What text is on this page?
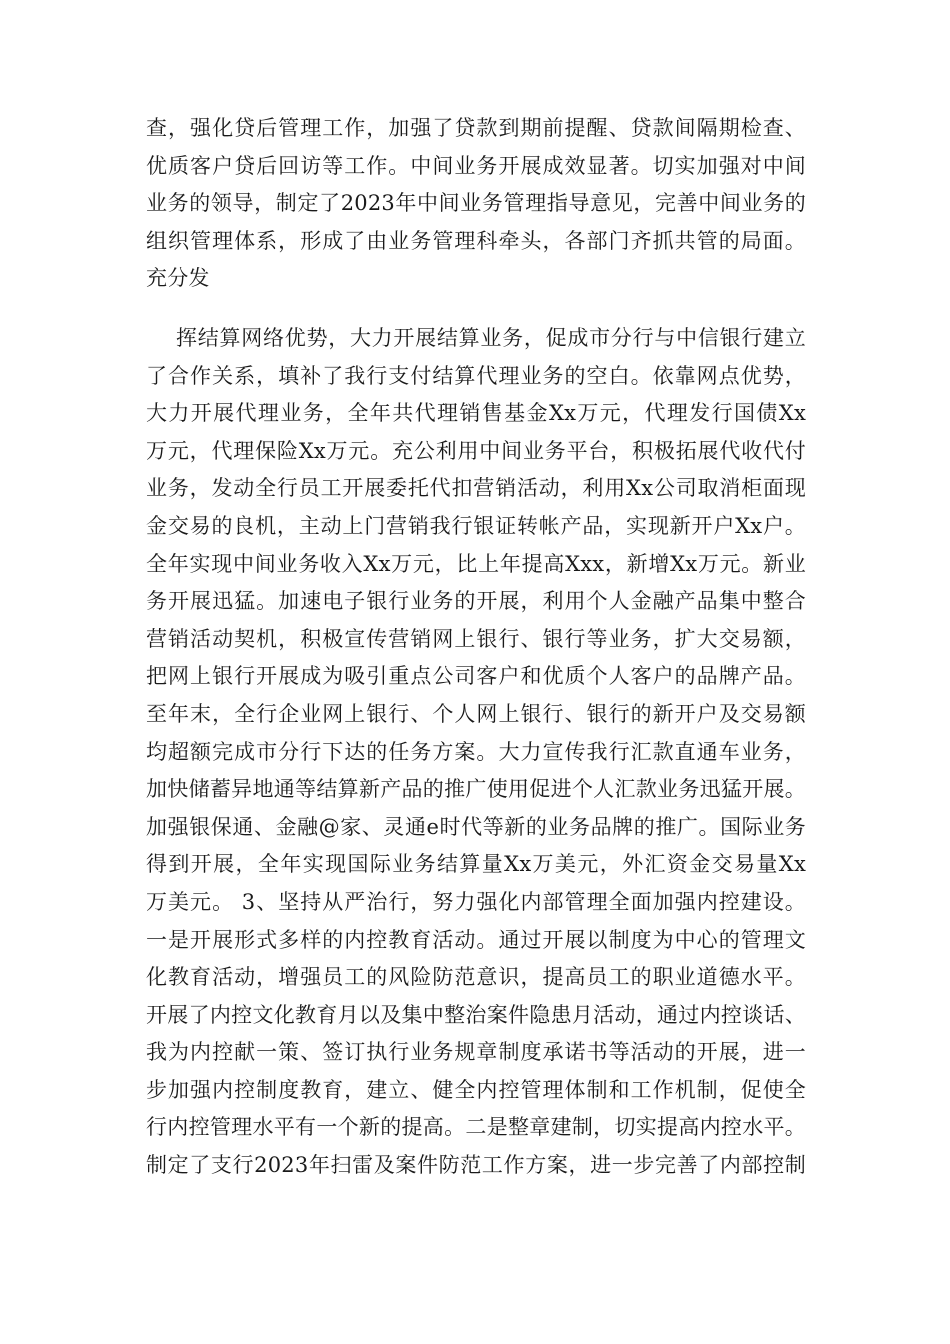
查，强化贷后管理工作，加强了贷款到期前提醒、贷款间隔期检查、
优质客户贷后回访等工作。中间业务开展成效显著。切实加强对中间
业务的领导，制定了2023年中间业务管理指导意见，完善中间业务的
组织管理体系，形成了由业务管理科牵头，各部门齐抓共管的局面。
充分发
挥结算网络优势，大力开展结算业务，促成市分行与中信银行建立
了合作关系，填补了我行支付结算代理业务的空白。依靠网点优势，
大力开展代理业务，全年共代理销售基金Xx万元，代理发行国债Xx
万元，代理保险Xx万元。充公利用中间业务平台，积极拓展代收代付
业务，发动全行员工开展委托代扣营销活动，利用Xx公司取消柜面现
金交易的良机，主动上门营销我行银证转帐产品，实现新开户Xx户。
全年实现中间业务收入Xx万元，比上年提高Xxx，新增Xx万元。新业
务开展迅猛。加速电子银行业务的开展，利用个人金融产品集中整合
营销活动契机，积极宣传营销网上银行、银行等业务，扩大交易额，
把网上银行开展成为吸引重点公司客户和优质个人客户的品牌产品。
至年末，全行企业网上银行、个人网上银行、银行的新开户及交易额
均超额完成市分行下达的任务方案。大力宣传我行汇款直通车业务，
加快储蓄异地通等结算新产品的推广使用促进个人汇款业务迅猛开展。
加强银保通、金融@家、灵通e时代等新的业务品牌的推广。国际业务
得到开展，全年实现国际业务结算量Xx万美元，外汇资金交易量Xx
万美元。 3、坚持从严治行，努力强化内部管理全面加强内控建设。
一是开展形式多样的内控教育活动。通过开展以制度为中心的管理文
化教育活动，增强员工的风险防范意识，提高员工的职业道德水平。
开展了内控文化教育月以及集中整治案件隐患月活动，通过内控谈话、
我为内控献一策、签订执行业务规章制度承诺书等活动的开展，进一
步加强内控制度教育，建立、健全内控管理体制和工作机制，促使全
行内控管理水平有一个新的提高。二是整章建制，切实提高内控水平。
制定了支行2023年扫雷及案件防范工作方案，进一步完善了内部控制
